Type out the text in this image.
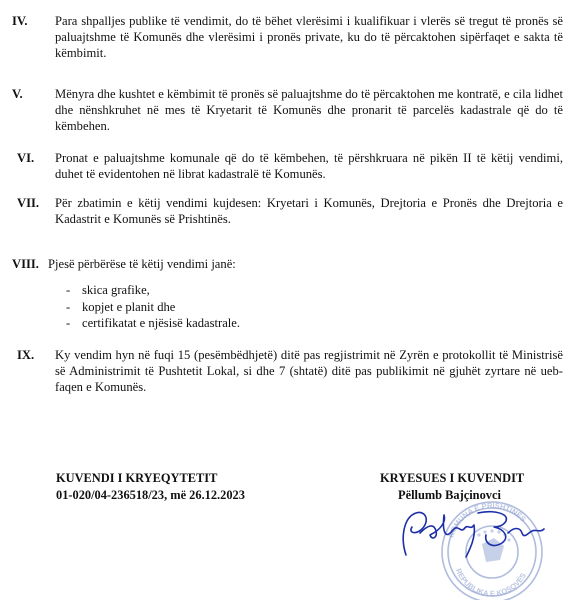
IV. Para shpalljes publike të vendimit, do të bëhet vlerësimi i kualifikuar i vlerës së tregut të pronës së paluajtshme të Komunës dhe vlerësimi i pronës private, ku do të përcaktohen sipërfaqet e sakta të këmbimit.

V.	Mënyra dhe kushtet e këmbimit të pronës së paluajtshme do të përcaktohen me kontratë, e cila lidhet dhe nënshkruhet në mes të Kryetarit të Komunës dhe pronarit të parcelës kadastrale që do të këmbehen.

VI. Pronat e paluajtshme komunale që do të këmbehen, të përshkruara në pikën II të këtij vendimi, duhet të evidentohen në librat kadastralë të Komunës.

VII. Për zbatimin e këtij vendimi kujdesen: Kryetari i Komunës, Drejtoria e Pronës dhe Drejtoria e Kadastrit e Komunës së Prishtinës.

VIII. Pjesë përbërëse të këtij vendimi janë:

- skica grafike,
- kopjet e planit dhe
- certifikatat e njësisë kadastrale.
IX. Ky vendim hyn në fuqi 15 (pesëmbëdhjetë) ditë pas regjistrimit në Zyrën e protokollit të Ministrisë së Administrimit të Pushtetit Lokal, si dhe 7 (shtatë) ditë pas publikimit në gjuhët zyrtare në ueb-faqen e Komunës.

KUVENDI I KRYEQYTETIT
01-020/04-236518/23, më 26.12.2023
KOMUNA E PRISHTINËS
REPUBLIKA E KOSOVËS
KRYESUES I KUVENDIT
Pëllumb Bajçinovci
